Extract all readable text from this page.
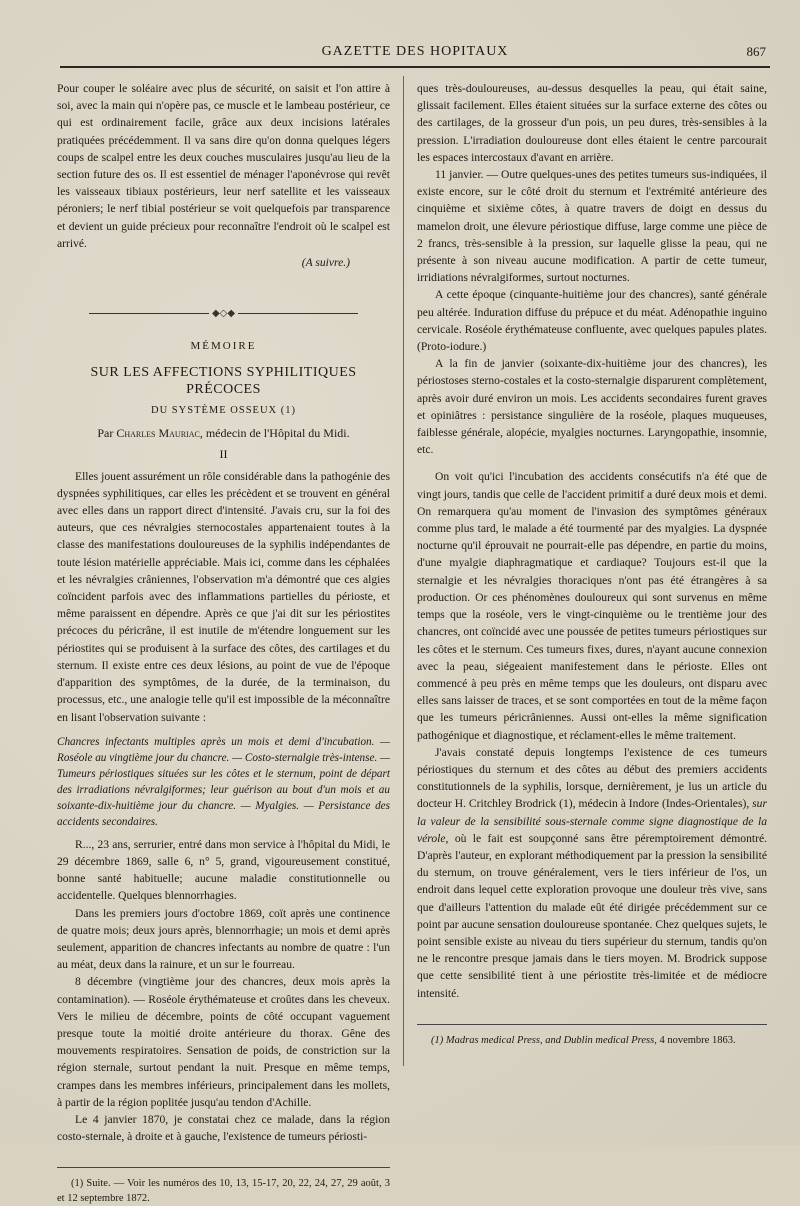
GAZETTE DES HOPITAUX	867

Pour couper le soléaire avec plus de sécurité, on saisit et l'on attire à soi, avec la main qui n'opère pas, ce muscle et le lambeau postérieur, ce qui est ordinairement facile, grâce aux deux incisions latérales pratiquées précédemment. Il va sans dire qu'on donna quelques légers coups de scalpel entre les deux couches musculaires jusqu'au lieu de la section future des os. Il est essentiel de ménager l'aponévrose qui revêt les vaisseaux tibiaux postérieurs, leur nerf satellite et les vaisseaux péroniers; le nerf tibial postérieur se voit quelquefois par transparence et devient un guide précieux pour reconnaître l'endroit où le scalpel est arrivé.

(A suivre.)
◆◇◆
MÉMOIRE
SUR LES AFFECTIONS SYPHILITIQUES PRÉCOCES
DU SYSTÈME OSSEUX (1)
Par Charles Mauriac, médecin de l'Hôpital du Midi.
II

Elles jouent assurément un rôle considérable dans la pathogénie des dyspnées syphilitiques, car elles les précèdent et se trouvent en général avec elles dans un rapport direct d'intensité. J'avais cru, sur la foi des auteurs, que ces névralgies sternocostales appartenaient toutes à la classe des manifestations douloureuses de la syphilis indépendantes de toute lésion matérielle appréciable. Mais ici, comme dans les céphalées et les névralgies crâniennes, l'observation m'a démontré que ces algies coïncident parfois avec des inflammations partielles du périoste, et même paraissent en dépendre. Après ce que j'ai dit sur les périostites précoces du péricrâne, il est inutile de m'étendre longuement sur les périostites qui se produisent à la surface des côtes, des cartilages et du sternum. Il existe entre ces deux lésions, au point de vue de l'époque d'apparition des symptômes, de la durée, de la terminaison, du processus, etc., une analogie telle qu'il est impossible de la méconnaître en lisant l'observation suivante :

Chancres infectants multiples après un mois et demi d'incubation. — Roséole au vingtième jour du chancre. — Costo-sternalgie très-intense. — Tumeurs périostiques situées sur les côtes et le sternum, point de départ des irradiations névralgiformes; leur guérison au bout d'un mois et au soixante-dix-huitième jour du chancre. — Myalgies. — Persistance des accidents secondaires.

R..., 23 ans, serrurier, entré dans mon service à l'hôpital du Midi, le 29 décembre 1869, salle 6, n° 5, grand, vigoureusement constitué, bonne santé habituelle; aucune maladie constitutionnelle ou accidentelle. Quelques blennorrhagies.

Dans les premiers jours d'octobre 1869, coït après une continence de quatre mois; deux jours après, blennorrhagie; un mois et demi après seulement, apparition de chancres infectants au nombre de quatre : l'un au méat, deux dans la rainure, et un sur le fourreau.

8 décembre (vingtième jour des chancres, deux mois après la contamination). — Roséole érythémateuse et croûtes dans les cheveux. Vers le milieu de décembre, points de côté occupant vaguement presque toute la moitié droite antérieure du thorax. Gêne des mouvements respiratoires. Sensation de poids, de constriction sur la région sternale, surtout pendant la nuit. Presque en même temps, crampes dans les membres inférieurs, principalement dans les mollets, à partir de la région poplitée jusqu'au tendon d'Achille.

Le 4 janvier 1870, je constatai chez ce malade, dans la région costo-sternale, à droite et à gauche, l'existence de tumeurs périosti-

(1) Suite. — Voir les numéros des 10, 13, 15-17, 20, 22, 24, 27, 29 août, 3 et 12 septembre 1872.

ques très-douloureuses, au-dessus desquelles la peau, qui était saine, glissait facilement. Elles étaient situées sur la surface externe des côtes ou des cartilages, de la grosseur d'un pois, un peu dures, très-sensibles à la pression. L'irradiation douloureuse dont elles étaient le centre parcourait les espaces intercostaux d'avant en arrière.

11 janvier. — Outre quelques-unes des petites tumeurs sus-indiquées, il existe encore, sur le côté droit du sternum et l'extrémité antérieure des cinquième et sixième côtes, à quatre travers de doigt en dessus du mamelon droit, une élevure périostique diffuse, large comme une pièce de 2 francs, très-sensible à la pression, sur laquelle glisse la peau, qui ne présente à son niveau aucune modification. A partir de cette tumeur, irridiations névralgiformes, surtout nocturnes.

A cette époque (cinquante-huitième jour des chancres), santé générale peu altérée. Induration diffuse du prépuce et du méat. Adénopathie inguino cervicale. Roséole érythémateuse confluente, avec quelques papules plates. (Proto-iodure.)

A la fin de janvier (soixante-dix-huitième jour des chancres), les périostoses sterno-costales et la costo-sternalgie disparurent complètement, après avoir duré environ un mois. Les accidents secondaires furent graves et opiniâtres : persistance singulière de la roséole, plaques muqueuses, faiblesse générale, alopécie, myalgies nocturnes. Laryngopathie, insomnie, etc.

On voit qu'ici l'incubation des accidents consécutifs n'a été que de vingt jours, tandis que celle de l'accident primitif a duré deux mois et demi. On remarquera qu'au moment de l'invasion des symptômes généraux comme plus tard, le malade a été tourmenté par des myalgies. La dyspnée nocturne qu'il éprouvait ne pourrait-elle pas dépendre, en partie du moins, d'une myalgie diaphragmatique et cardiaque? Toujours est-il que la sternalgie et les névralgies thoraciques n'ont pas été étrangères à sa production. Or ces phénomènes douloureux qui sont survenus en même temps que la roséole, vers le vingt-cinquième ou le trentième jour des chancres, ont coïncidé avec une poussée de petites tumeurs périostiques sur les côtes et le sternum. Ces tumeurs fixes, dures, n'ayant aucune connexion avec la peau, siégeaient manifestement dans le périoste. Elles ont commencé à peu près en même temps que les douleurs, ont disparu avec elles sans laisser de traces, et se sont comportées en tout de la même façon que les tumeurs péricrâniennes. Aussi ont-elles la même signification pathogénique et diagnostique, et réclament-elles le même traitement.

J'avais constaté depuis longtemps l'existence de ces tumeurs périostiques du sternum et des côtes au début des premiers accidents constitutionnels de la syphilis, lorsque, dernièrement, je lus un article du docteur H. Critchley Brodrick (1), médecin à Indore (Indes-Orientales), sur la valeur de la sensibilité sous-sternale comme signe diagnostique de la vérole, où le fait est soupçonné sans être péremptoirement démontré. D'après l'auteur, en explorant méthodiquement par la pression la sensibilité du sternum, on trouve généralement, vers le tiers inférieur de l'os, un endroit dans lequel cette exploration provoque une douleur très vive, sans que d'ailleurs l'attention du malade eût été dirigée précédemment sur ce point par aucune sensation douloureuse spontanée. Chez quelques sujets, le point sensible existe au niveau du tiers supérieur du sternum, tandis qu'on ne le rencontre presque jamais dans le tiers moyen. M. Brodrick suppose que cette sensibilité tient à une périostite très-limitée et de médiocre intensité.

(1) Madras medical Press, and Dublin medical Press, 4 novembre 1863.
